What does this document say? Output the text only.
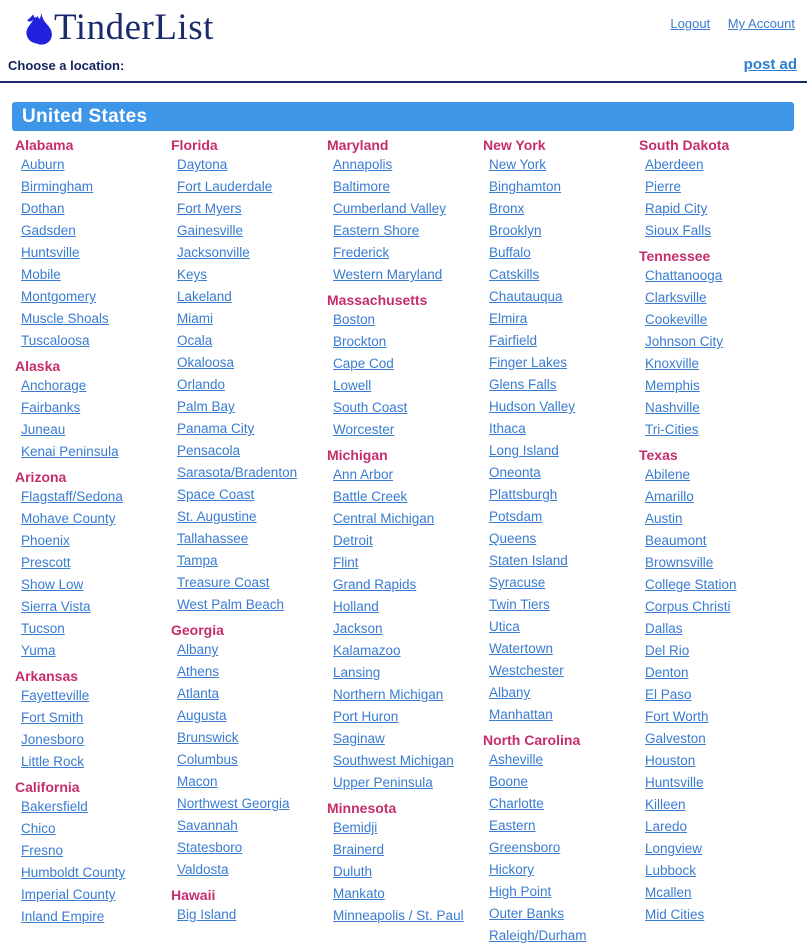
TinderList	Logout My Account
Choose a location:	post ad
United States
Alabama
Auburn
Birmingham
Dothan
Gadsden
Huntsville
Mobile
Montgomery
Muscle Shoals
Tuscaloosa
Alaska
Anchorage
Fairbanks
Juneau
Kenai Peninsula
Arizona
Flagstaff/Sedona
Mohave County
Phoenix
Prescott
Show Low
Sierra Vista
Tucson
Yuma
Arkansas
Fayetteville
Fort Smith
Jonesboro
Little Rock
California
Bakersfield
Chico
Fresno
Humboldt County
Imperial County
Inland Empire
Florida
Daytona
Fort Lauderdale
Fort Myers
Gainesville
Jacksonville
Keys
Lakeland
Miami
Ocala
Okaloosa
Orlando
Palm Bay
Panama City
Pensacola
Sarasota/Bradenton
Space Coast
St. Augustine
Tallahassee
Tampa
Treasure Coast
West Palm Beach
Georgia
Albany
Athens
Atlanta
Augusta
Brunswick
Columbus
Macon
Northwest Georgia
Savannah
Statesboro
Valdosta
Hawaii
Big Island
Maryland
Annapolis
Baltimore
Cumberland Valley
Eastern Shore
Frederick
Western Maryland
Massachusetts
Boston
Brockton
Cape Cod
Lowell
South Coast
Worcester
Michigan
Ann Arbor
Battle Creek
Central Michigan
Detroit
Flint
Grand Rapids
Holland
Jackson
Kalamazoo
Lansing
Northern Michigan
Port Huron
Saginaw
Southwest Michigan
Upper Peninsula
Minnesota
Bemidji
Brainerd
Duluth
Mankato
Minneapolis / St. Paul
New York
New York
Binghamton
Bronx
Brooklyn
Buffalo
Catskills
Chautauqua
Elmira
Fairfield
Finger Lakes
Glens Falls
Hudson Valley
Ithaca
Long Island
Oneonta
Plattsburgh
Potsdam
Queens
Staten Island
Syracuse
Twin Tiers
Utica
Watertown
Westchester
Albany
Manhattan
North Carolina
Asheville
Boone
Charlotte
Eastern
Greensboro
Hickory
High Point
Outer Banks
Raleigh/Durham
South Dakota
Aberdeen
Pierre
Rapid City
Sioux Falls
Tennessee
Chattanooga
Clarksville
Cookeville
Johnson City
Knoxville
Memphis
Nashville
Tri-Cities
Texas
Abilene
Amarillo
Austin
Beaumont
Brownsville
College Station
Corpus Christi
Dallas
Del Rio
Denton
El Paso
Fort Worth
Galveston
Houston
Huntsville
Killeen
Laredo
Longview
Lubbock
Mcallen
Mid Cities
